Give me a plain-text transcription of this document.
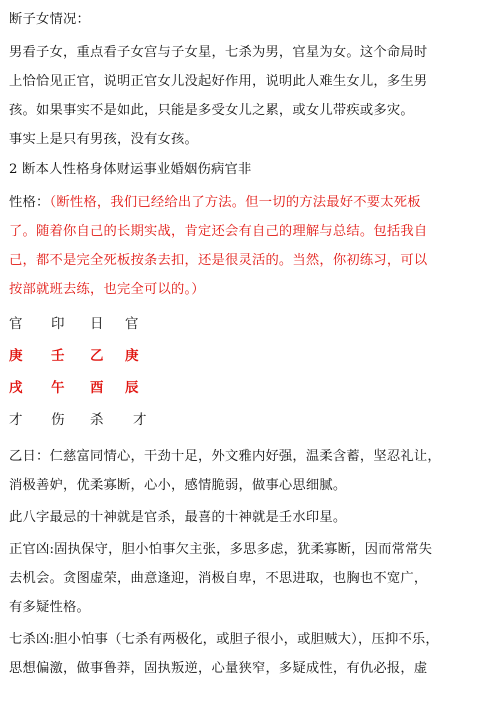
断子女情况：

男看子女，重点看子女宫与子女星，七杀为男，官星为女。这个命局时

上恰恰见正官，说明正官女儿没起好作用，说明此人难生女儿，多生男

孩。如果事实不是如此，只能是多受女儿之累，或女儿带疾或多灾。

事实上是只有男孩，没有女孩。

2 断本人性格身体财运事业婚姻伤病官非

性格：（断性格，我们已经给出了方法。但一切的方法最好不要太死板

了。随着你自己的长期实战，肯定还会有自己的理解与总结。包括我自

己，都不是完全死板按条去扣，还是很灵活的。当然，你初练习，可以

按部就班去练，也完全可以的。）

官 印 日 官
庚 壬 乙 庚
戌 午 酉 辰
才 伤 杀 才

乙日：仁慈富同情心，干劲十足，外文雅内好强，温柔含蓄，坚忍礼让，

消极善妒，优柔寡断，心小，感情脆弱，做事心思细腻。

此八字最忌的十神就是官杀，最喜的十神就是壬水印星。

正官凶:固执保守，胆小怕事欠主张，多思多虑，犹柔寡断，因而常常失

去机会。贪图虚荣，曲意逢迎，消极自卑，不思进取，也胸也不宽广，

有多疑性格。

七杀凶:胆小怕事（七杀有两极化，或胆子很小，或胆贼大），压抑不乐，

思想偏激，做事鲁莽，固执叛逆，心量狭窄，多疑成性，有仇必报，虚
